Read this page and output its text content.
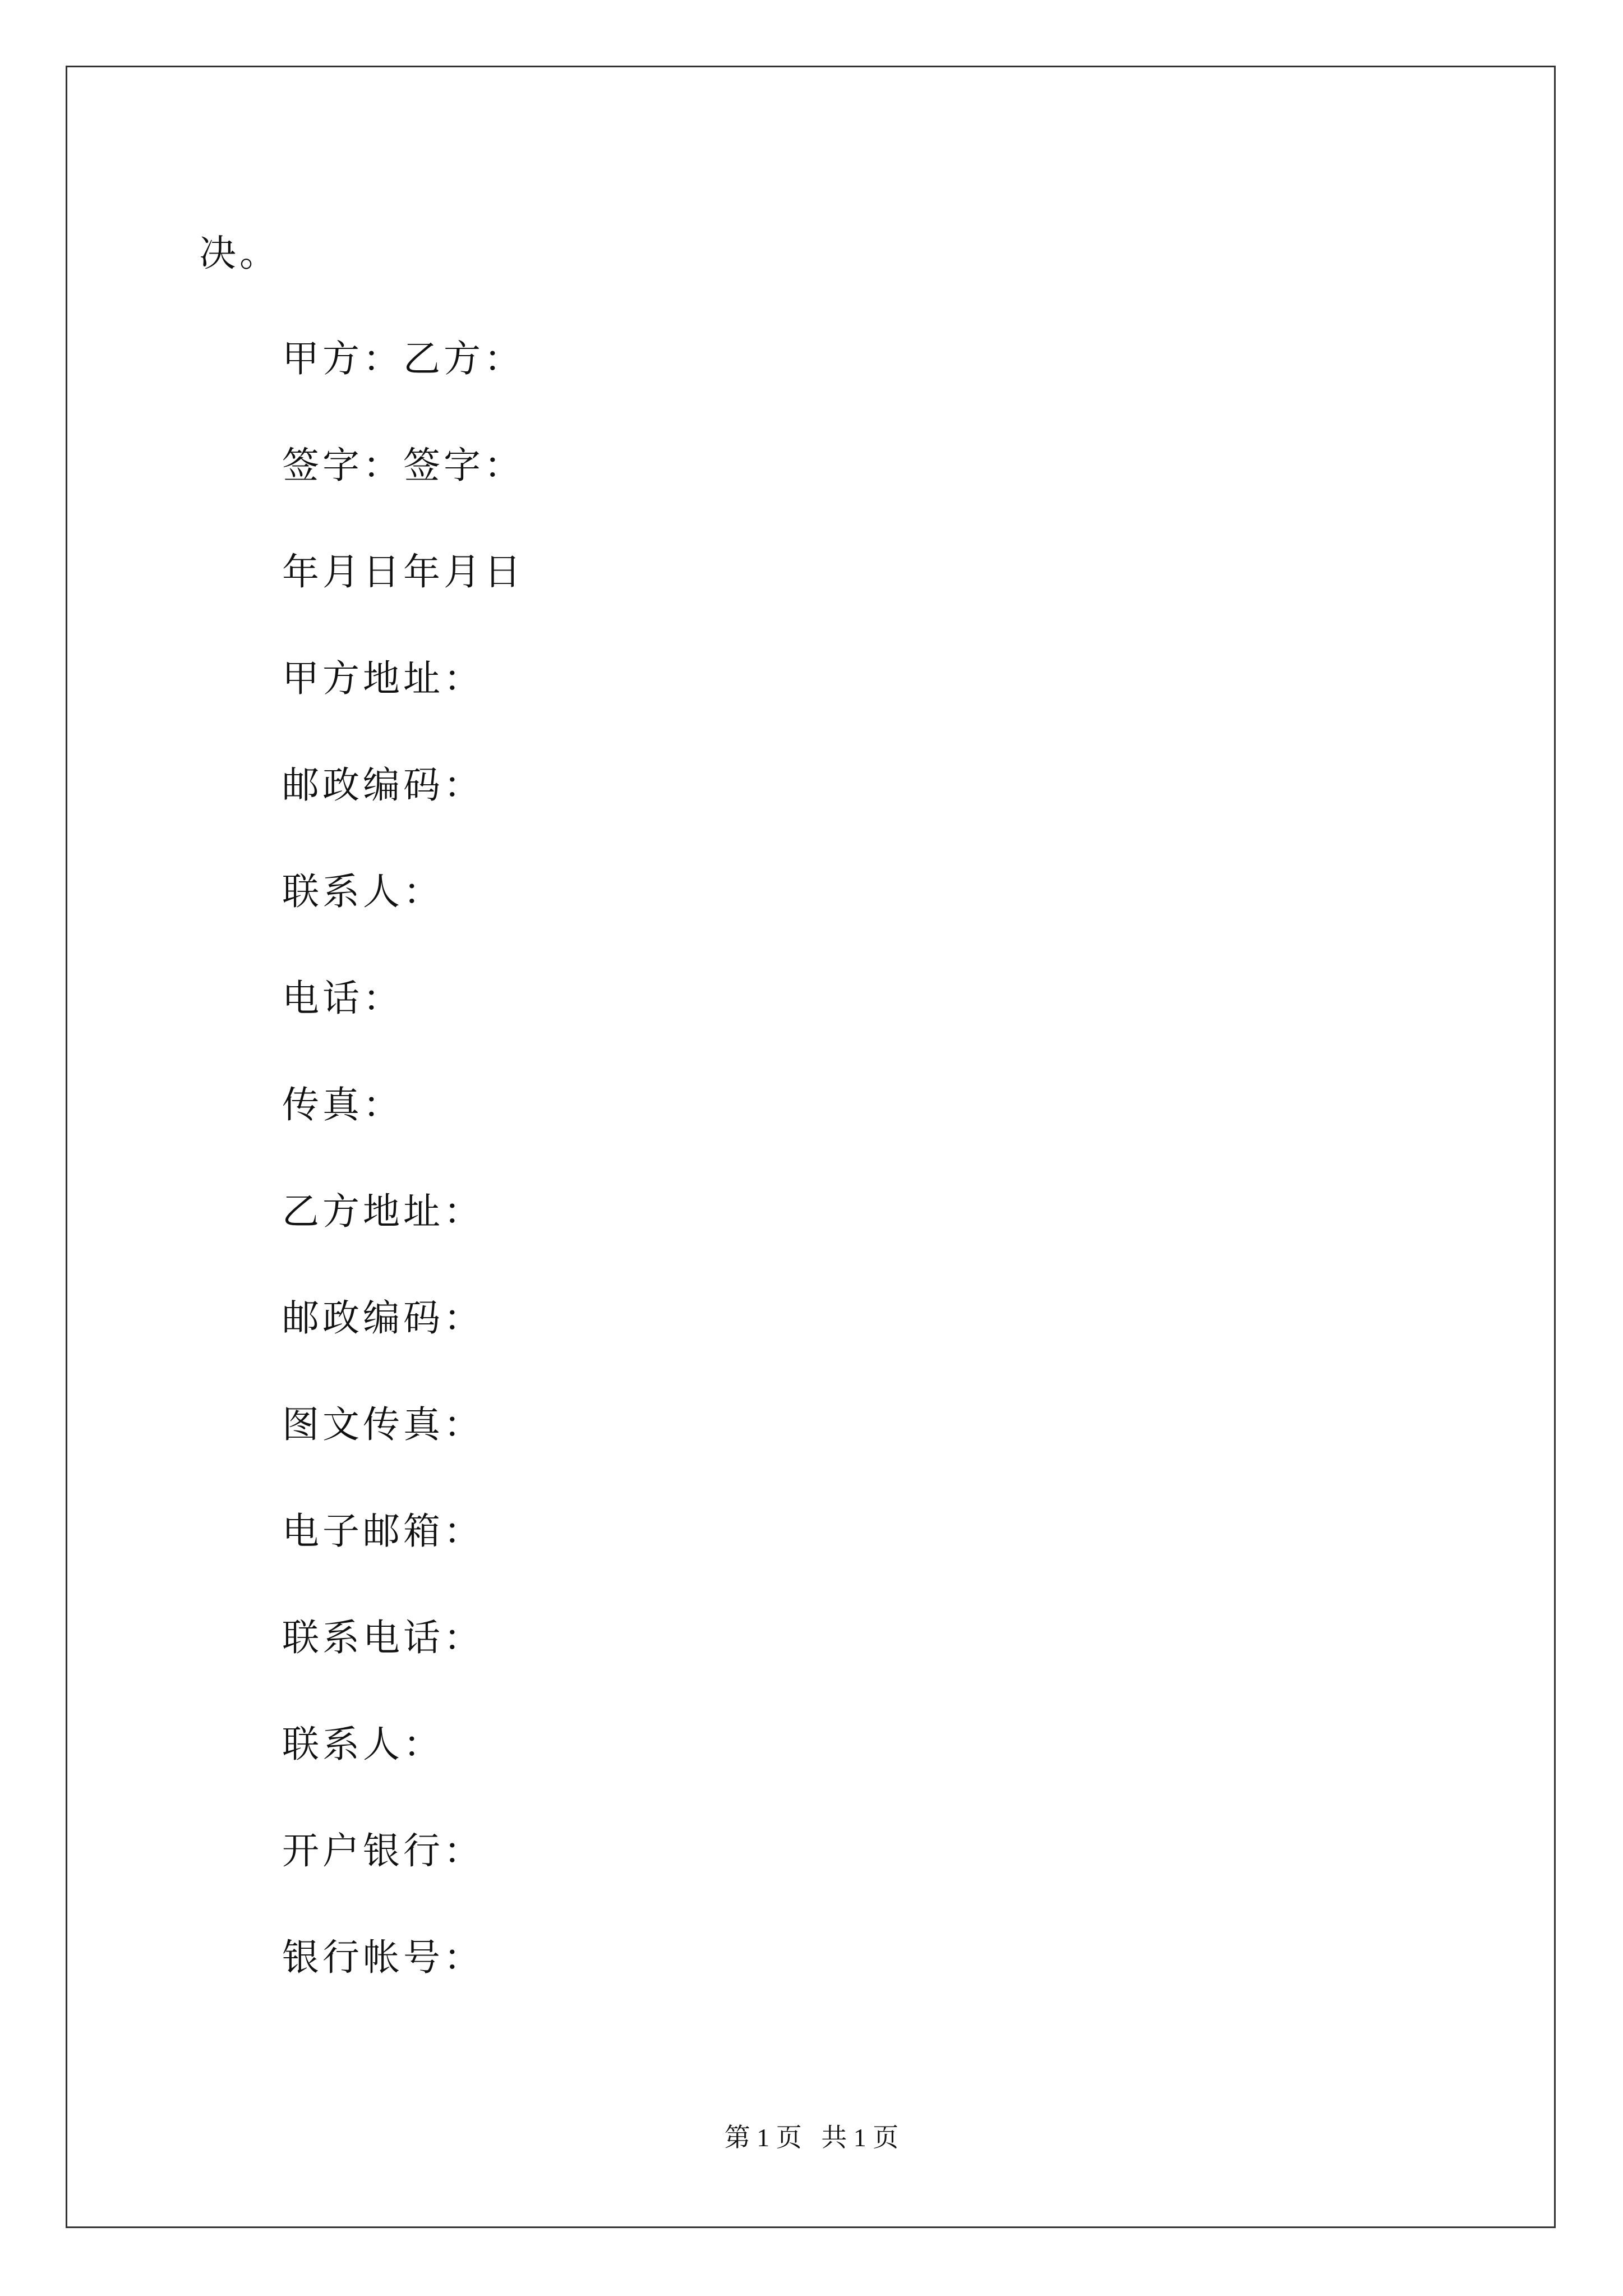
决。
甲方：乙方：
签字：签字：
年月日年月日
甲方地址：
邮政编码：
联系人：
电话：
传真：
乙方地址：
邮政编码：
图文传真：
电子邮箱：
联系电话：
联系人：
开户银行：
银行帐号：
第 1 页   共 1 页
